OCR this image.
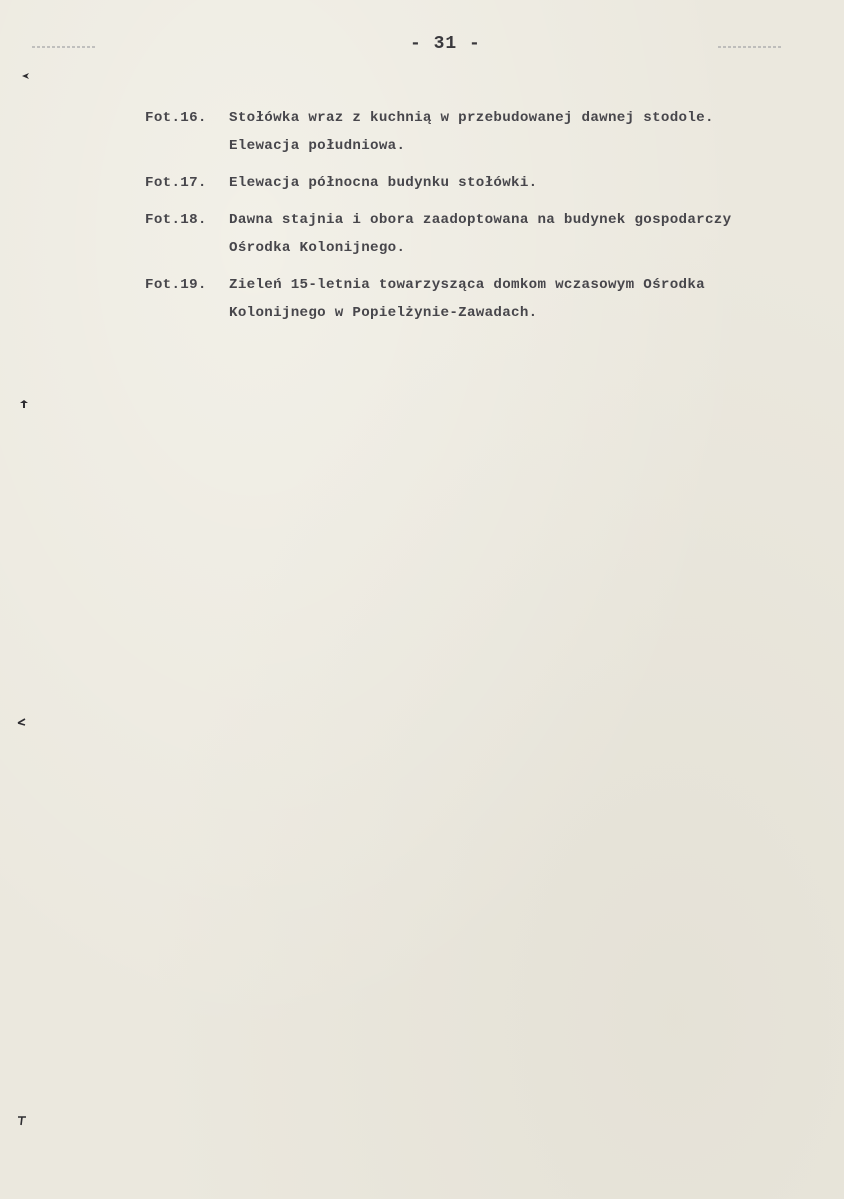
- 31 -
Fot.16.	Stołówka wraz z kuchnią w przebudowanej dawnej stodole.
Elewacja południowa.
Fot.17.	Elewacja północna budynku stołówki.
Fot.18.	Dawna stajnia i obora zaadoptowana na budynek gospodarczy
Ośrodka Kolonijnego.
Fot.19.	Zieleń 15-letnia towarzysząca domkom wczasowym Ośrodka
Kolonijnego w Popielżynie-Zawadach.
